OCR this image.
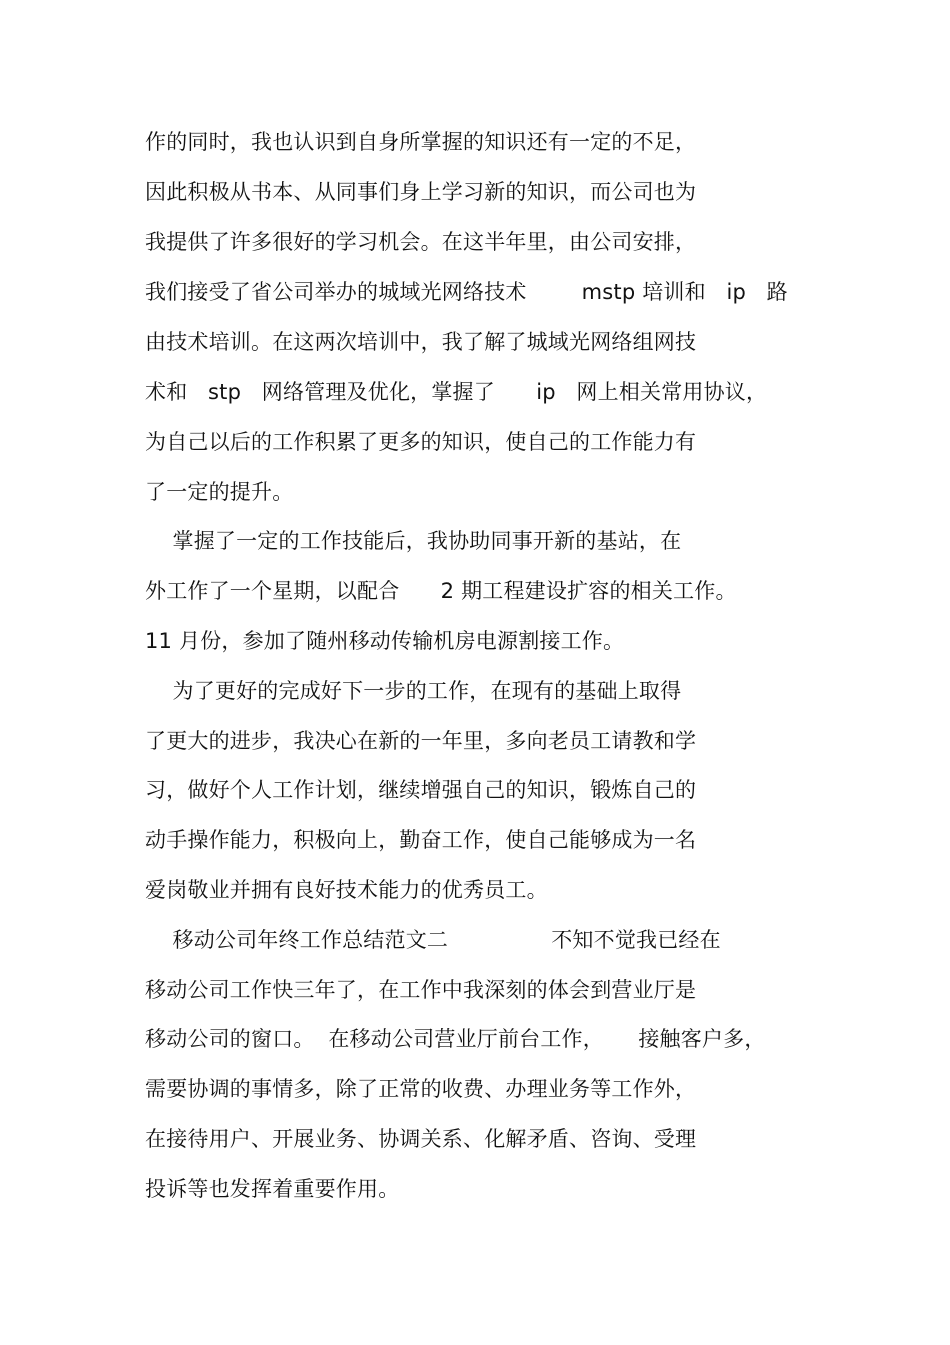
作的同时，我也认识到自身所掌握的知识还有一定的不足，
因此积极从书本、从同事们身上学习新的知识，而公司也为
我提供了许多很好的学习机会。在这半年里，由公司安排，
我们接受了省公司举办的城域光网络技术        mstp 培训和   ip   路
由技术培训。在这两次培训中，我了解了城域光网络组网技
术和   stp   网络管理及优化，掌握了      ip   网上相关常用协议，
为自己以后的工作积累了更多的知识，使自己的工作能力有
了一定的提升。
掌握了一定的工作技能后，我协助同事开新的基站，在
外工作了一个星期，以配合      2 期工程建设扩容的相关工作。
11 月份，参加了随州移动传输机房电源割接工作。
为了更好的完成好下一步的工作，在现有的基础上取得
了更大的进步，我决心在新的一年里，多向老员工请教和学
习，做好个人工作计划，继续增强自己的知识，锻炼自己的
动手操作能力，积极向上，勤奋工作，使自己能够成为一名
爱岗敬业并拥有良好技术能力的优秀员工。
移动公司年终工作总结范文二               不知不觉我已经在
移动公司工作快三年了，在工作中我深刻的体会到营业厅是
移动公司的窗口。  在移动公司营业厅前台工作，     接触客户多，
需要协调的事情多，除了正常的收费、办理业务等工作外，
在接待用户、开展业务、协调关系、化解矛盾、咨询、受理
投诉等也发挥着重要作用。
